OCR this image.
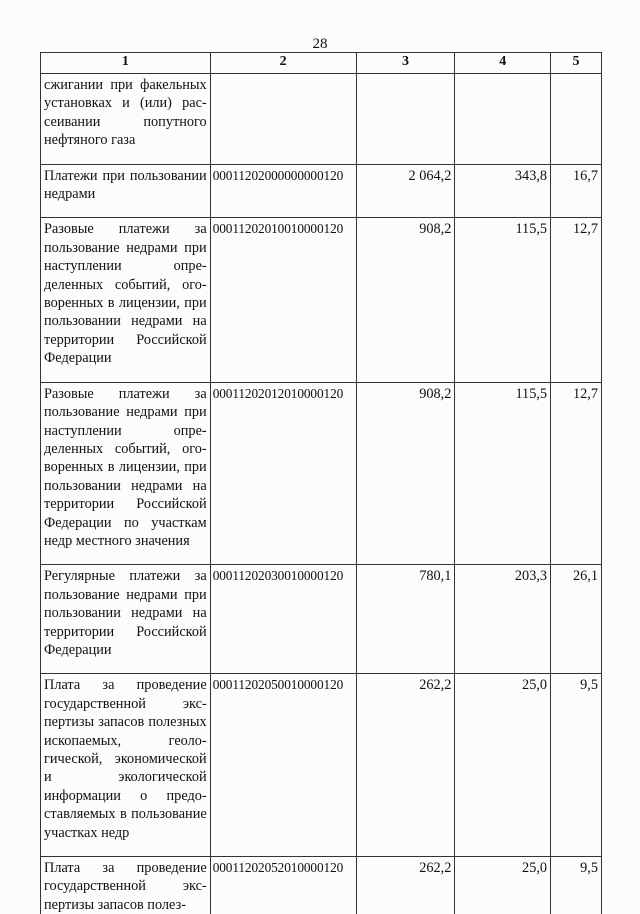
28
1	2	3	4	5
сжигании при факельных установках и (или) рассеивании попутного нефтяного газа				
Платежи при пользовании недрами	00011202000000000120	2 064,2	343,8	16,7
Разовые платежи за пользование недрами при наступлении определенных событий, оговоренных в лицензии, при пользовании недрами на территории Российской Федерации	00011202010010000120	908,2	115,5	12,7
Разовые платежи за пользование недрами при наступлении определенных событий, оговоренных в лицензии, при пользовании недрами на территории Российской Федерации по участкам недр местного значения	00011202012010000120	908,2	115,5	12,7
Регулярные платежи за пользование недрами при пользовании недрами на территории Российской Федерации	00011202030010000120	780,1	203,3	26,1
Плата за проведение государственной экспертизы запасов полезных ископаемых, геологической, экономической и экологической информации о предоставляемых в пользование участках недр	00011202050010000120	262,2	25,0	9,5
Плата за проведение государственной экспертизы запасов полез-	00011202052010000120	262,2	25,0	9,5
